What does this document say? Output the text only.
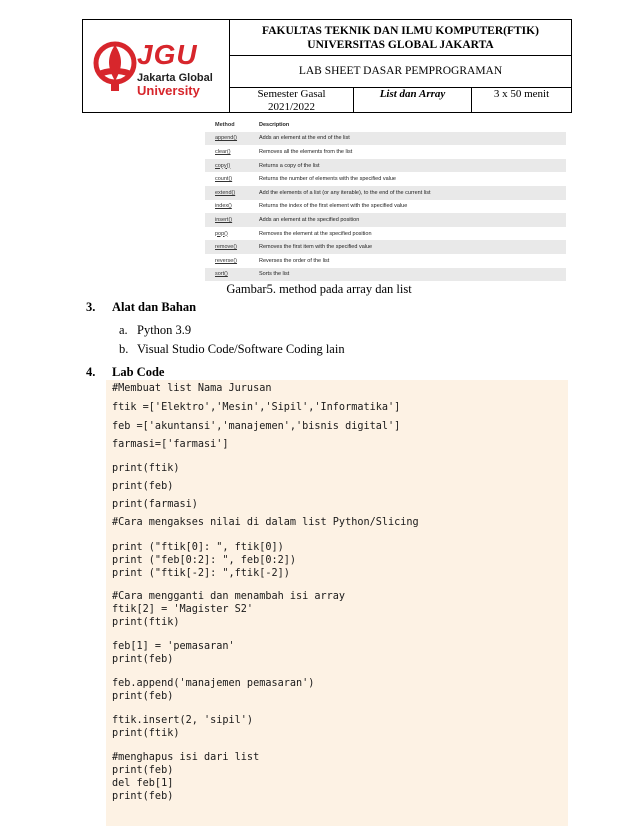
JGU
Jakarta Global
University
FAKULTAS TEKNIK DAN ILMU KOMPUTER(FTIK)
UNIVERSITAS GLOBAL JAKARTA
LAB SHEET DASAR PEMPROGRAMAN
Semester Gasal
2021/2022
List dan Array	3 x 50 menit
Method	Description
append()	Adds an element at the end of the list
clear()	Removes all the elements from the list
copy()	Returns a copy of the list
count()	Returns the number of elements with the specified value
extend()	Add the elements of a list (or any iterable), to the end of the current list
index()	Returns the index of the first element with the specified value
insert()	Adds an element at the specified position
pop()	Removes the element at the specified position
remove()	Removes the first item with the specified value
reverse()	Reverses the order of the list
sort()	Sorts the list
Gambar5. method pada array dan list
3. Alat dan Bahan
a. Python 3.9
b. Visual Studio Code/Software Coding lain
4. Lab Code
#Membuat list Nama Jurusan
ftik =['Elektro','Mesin','Sipil','Informatika']
feb =['akuntansi','manajemen','bisnis digital']
farmasi=['farmasi']
print(ftik)
print(feb)
print(farmasi)
#Cara mengakses nilai di dalam list Python/Slicing
print ("ftik[0]: ", ftik[0])
print ("feb[0:2]: ", feb[0:2])
print ("ftik[-2]: ",ftik[-2])
#Cara mengganti dan menambah isi array
ftik[2] = 'Magister S2'
print(ftik)
feb[1] = 'pemasaran'
print(feb)
feb.append('manajemen pemasaran')
print(feb)
ftik.insert(2, 'sipil')
print(ftik)
#menghapus isi dari list
print(feb)
del feb[1]
print(feb)
